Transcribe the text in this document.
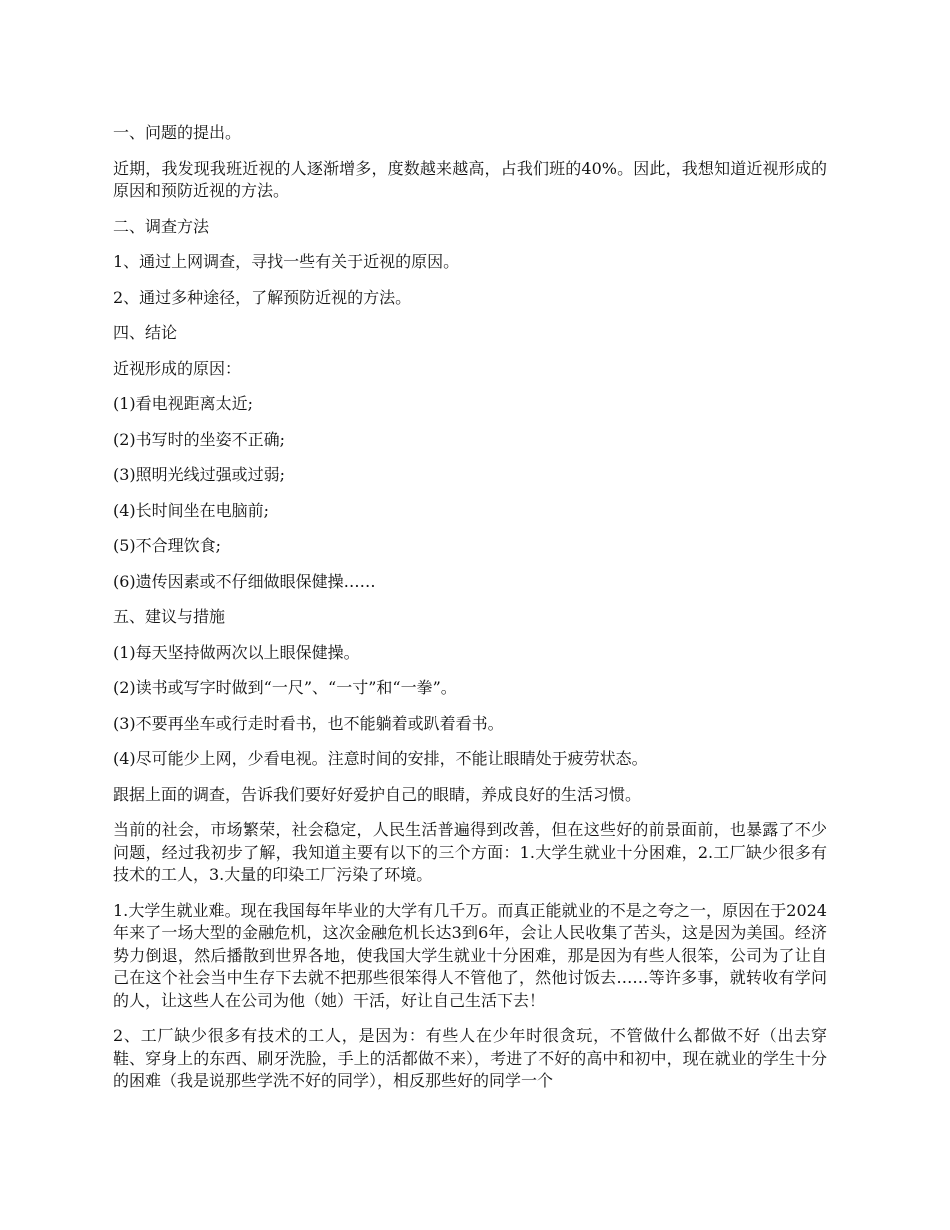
一、问题的提出。

近期，我发现我班近视的人逐渐增多，度数越来越高，占我们班的40%。因此，我想知道近视形成的原因和预防近视的方法。

二、调查方法

1、通过上网调查，寻找一些有关于近视的原因。

2、通过多种途径，了解预防近视的方法。

四、结论

近视形成的原因：

(1)看电视距离太近;

(2)书写时的坐姿不正确;

(3)照明光线过强或过弱;

(4)长时间坐在电脑前;

(5)不合理饮食;

(6)遗传因素或不仔细做眼保健操……

五、建议与措施

(1)每天坚持做两次以上眼保健操。

(2)读书或写字时做到“一尺”、“一寸”和“一拳”。

(3)不要再坐车或行走时看书，也不能躺着或趴着看书。

(4)尽可能少上网，少看电视。注意时间的安排，不能让眼睛处于疲劳状态。

跟据上面的调查，告诉我们要好好爱护自己的眼睛，养成良好的生活习惯。

当前的社会，市场繁荣，社会稳定，人民生活普遍得到改善，但在这些好的前景面前，也暴露了不少问题，经过我初步了解，我知道主要有以下的三个方面：1.大学生就业十分困难，2.工厂缺少很多有技术的工人，3.大量的印染工厂污染了环境。

1.大学生就业难。现在我国每年毕业的大学有几千万。而真正能就业的不是之夸之一，原因在于2024年来了一场大型的金融危机，这次金融危机长达3到6年，会让人民收集了苦头，这是因为美国。经济势力倒退，然后播散到世界各地，使我国大学生就业十分困难，那是因为有些人很笨，公司为了让自己在这个社会当中生存下去就不把那些很笨得人不管他了，然他讨饭去……等许多事，就转收有学问的人，让这些人在公司为他（她）干活，好让自己生活下去！

2、工厂缺少很多有技术的工人，是因为：有些人在少年时很贪玩，不管做什么都做不好（出去穿鞋、穿身上的东西、刷牙洗脸，手上的活都做不来），考进了不好的高中和初中，现在就业的学生十分的困难（我是说那些学洗不好的同学），相反那些好的同学一个
